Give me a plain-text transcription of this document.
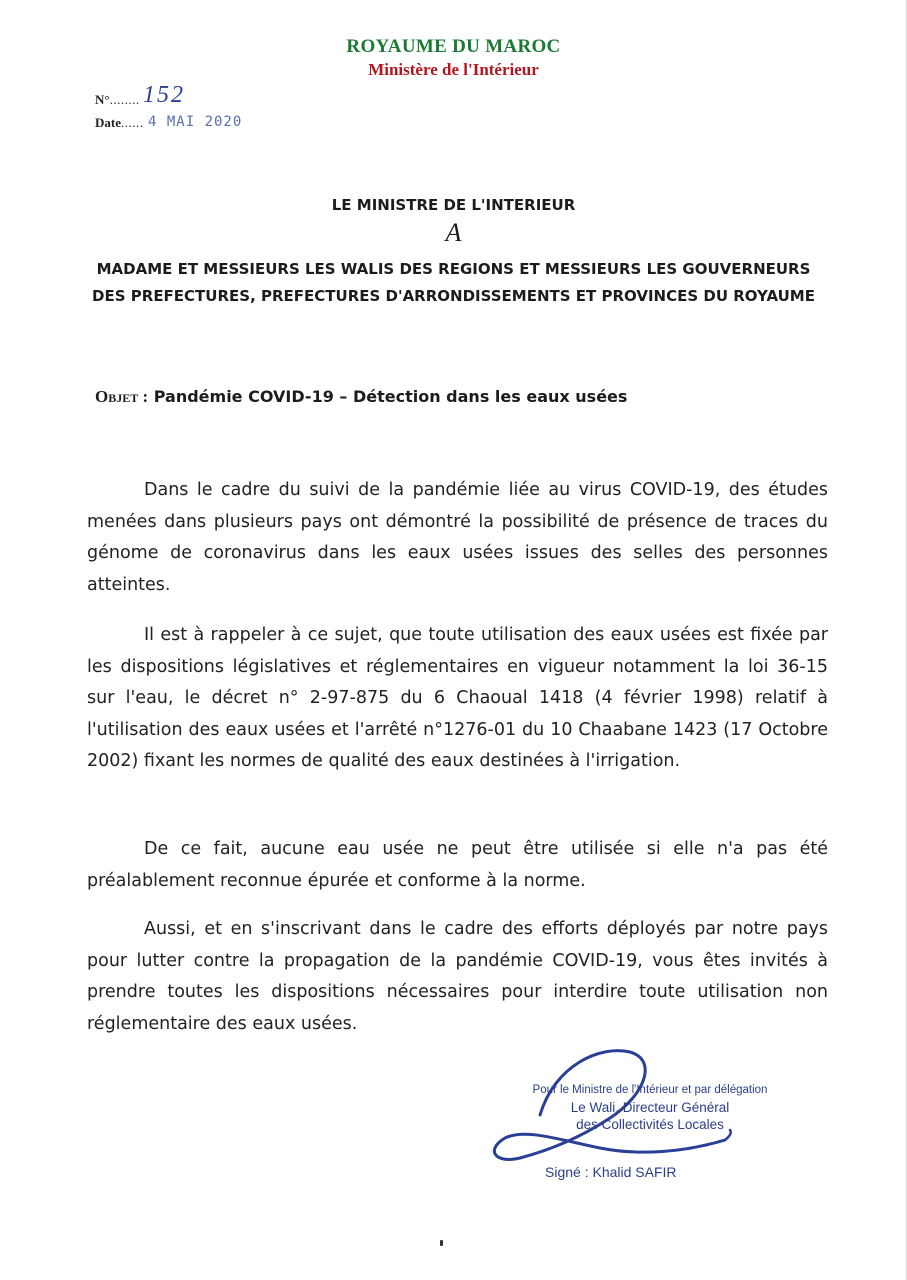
ROYAUME DU MAROC
Ministère de l'Intérieur
N°........ 152
Date...... 4 MAI 2020
LE MINISTRE DE L'INTERIEUR
A
MADAME ET MESSIEURS LES WALIS DES REGIONS ET MESSIEURS LES GOUVERNEURS DES PREFECTURES, PREFECTURES D'ARRONDISSEMENTS ET PROVINCES DU ROYAUME
Objet : Pandémie COVID-19 – Détection dans les eaux usées

Dans le cadre du suivi de la pandémie liée au virus COVID-19, des études menées dans plusieurs pays ont démontré la possibilité de présence de traces du génome de coronavirus dans les eaux usées issues des selles des personnes atteintes.

Il est à rappeler à ce sujet, que toute utilisation des eaux usées est fixée par les dispositions législatives et réglementaires en vigueur notamment la loi 36-15 sur l'eau, le décret n° 2-97-875 du 6 Chaoual 1418 (4 février 1998) relatif à l'utilisation des eaux usées et l'arrêté n°1276-01 du 10 Chaabane 1423 (17 Octobre 2002) fixant les normes de qualité des eaux destinées à l'irrigation.

De ce fait, aucune eau usée ne peut être utilisée si elle n'a pas été préalablement reconnue épurée et conforme à la norme.

Aussi, et en s'inscrivant dans le cadre des efforts déployés par notre pays pour lutter contre la propagation de la pandémie COVID-19, vous êtes invités à prendre toutes les dispositions nécessaires pour interdire toute utilisation non réglementaire des eaux usées.

Pour le Ministre de l'Intérieur et par délégation
Le Wali, Directeur Général
des Collectivités Locales
Signé : Khalid SAFIR
